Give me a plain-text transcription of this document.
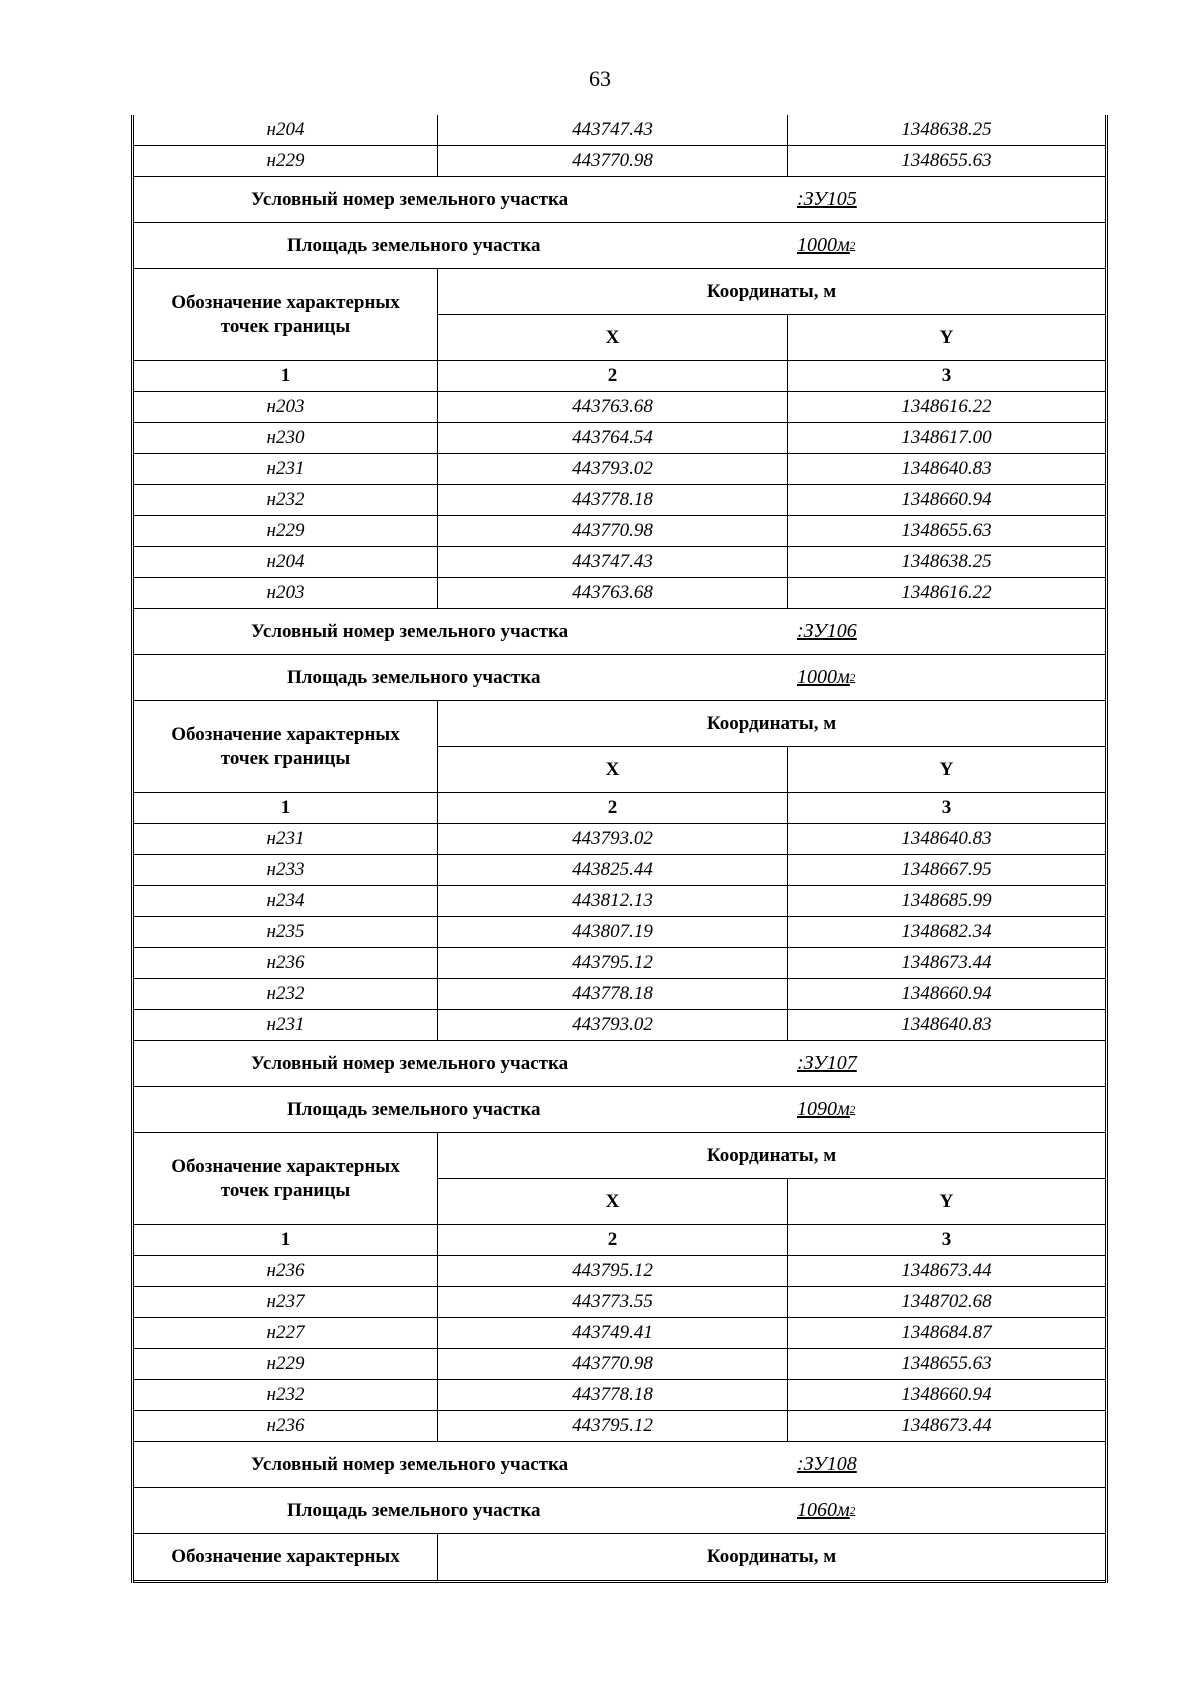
63
н204	443747.43	1348638.25
н229	443770.98	1348655.63
Условный номер земельного участка	:ЗУ105
Площадь земельного участка	1000 м 2
Обозначение характерных точек границы
Координаты, м
X	Y
1	2	3
н203	443763.68	1348616.22
н230	443764.54	1348617.00
н231	443793.02	1348640.83
н232	443778.18	1348660.94
н229	443770.98	1348655.63
н204	443747.43	1348638.25
н203	443763.68	1348616.22
Условный номер земельного участка	:ЗУ106
Площадь земельного участка	1000 м 2
Обозначение характерных точек границы
Координаты, м
X	Y
1	2	3
н231	443793.02	1348640.83
н233	443825.44	1348667.95
н234	443812.13	1348685.99
н235	443807.19	1348682.34
н236	443795.12	1348673.44
н232	443778.18	1348660.94
н231	443793.02	1348640.83
Условный номер земельного участка	:ЗУ107
Площадь земельного участка	1090 м 2
Обозначение характерных точек границы
Координаты, м
X	Y
1	2	3
н236	443795.12	1348673.44
н237	443773.55	1348702.68
н227	443749.41	1348684.87
н229	443770.98	1348655.63
н232	443778.18	1348660.94
н236	443795.12	1348673.44
Условный номер земельного участка	:ЗУ108
Площадь земельного участка	1060 м 2
Обозначение характерных	Координаты, м
